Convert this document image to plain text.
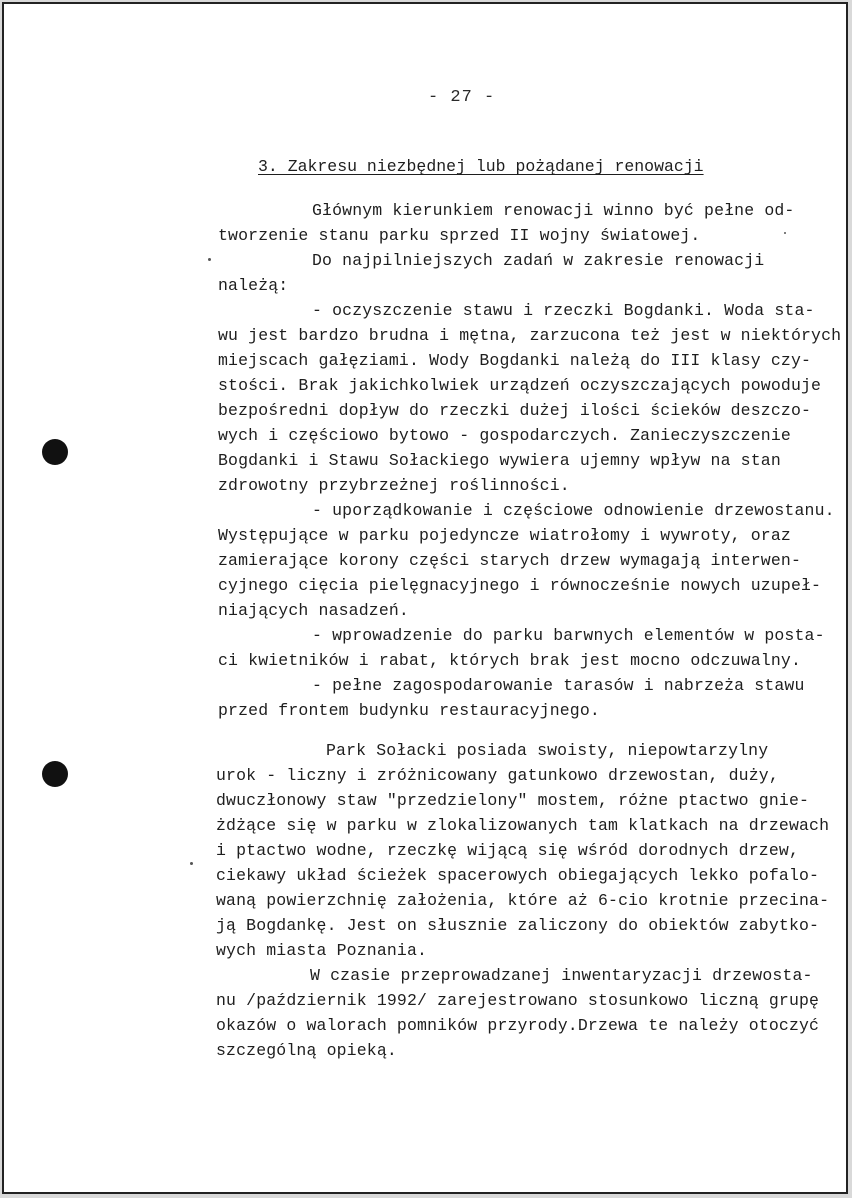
- 27 -
3. Zakresu niezbędnej lub pożądanej renowacji
Głównym kierunkiem renowacji winno być pełne od-
tworzenie stanu parku sprzed II wojny światowej.
Do najpilniejszych zadań w zakresie renowacji
należą:
- oczyszczenie stawu i rzeczki Bogdanki. Woda sta-
wu jest bardzo brudna i mętna, zarzucona też jest w niektórych
miejscach gałęziami. Wody Bogdanki należą do III klasy czy-
stości. Brak jakichkolwiek urządzeń oczyszczających powoduje
bezpośredni dopływ do rzeczki dużej ilości ścieków deszczo-
wych i częściowo bytowo - gospodarczych. Zanieczyszczenie
Bogdanki i Stawu Sołackiego wywiera ujemny wpływ na stan
zdrowotny przybrzeżnej roślinności.
- uporządkowanie i częściowe odnowienie drzewostanu.
Występujące w parku pojedyncze wiatrołomy i wywroty, oraz
zamierające korony części starych drzew wymagają interwen-
cyjnego cięcia pielęgnacyjnego i równocześnie nowych uzupeł-
niających nasadzeń.
- wprowadzenie do parku barwnych elementów w posta-
ci kwietników i rabat, których brak jest mocno odczuwalny.
- pełne zagospodarowanie tarasów i nabrzeża stawu
przed frontem budynku restauracyjnego.
Park Sołacki posiada swoisty, niepowtarzylny
urok - liczny i zróżnicowany gatunkowo drzewostan, duży,
dwuczłonowy staw "przedzielony" mostem, różne ptactwo gnie-
żdżące się w parku w zlokalizowanych tam klatkach na drzewach
i ptactwo wodne, rzeczkę wijącą się wśród dorodnych drzew,
ciekawy układ ścieżek spacerowych obiegających lekko pofalo-
waną powierzchnię założenia, które aż 6-cio krotnie przecina-
ją Bogdankę. Jest on słusznie zaliczony do obiektów zabytko-
wych miasta Poznania.
W czasie przeprowadzanej inwentaryzacji drzewosta-
nu /październik 1992/ zarejestrowano stosunkowo liczną grupę
okazów o walorach pomników przyrody.Drzewa te należy otoczyć
szczególną opieką.
